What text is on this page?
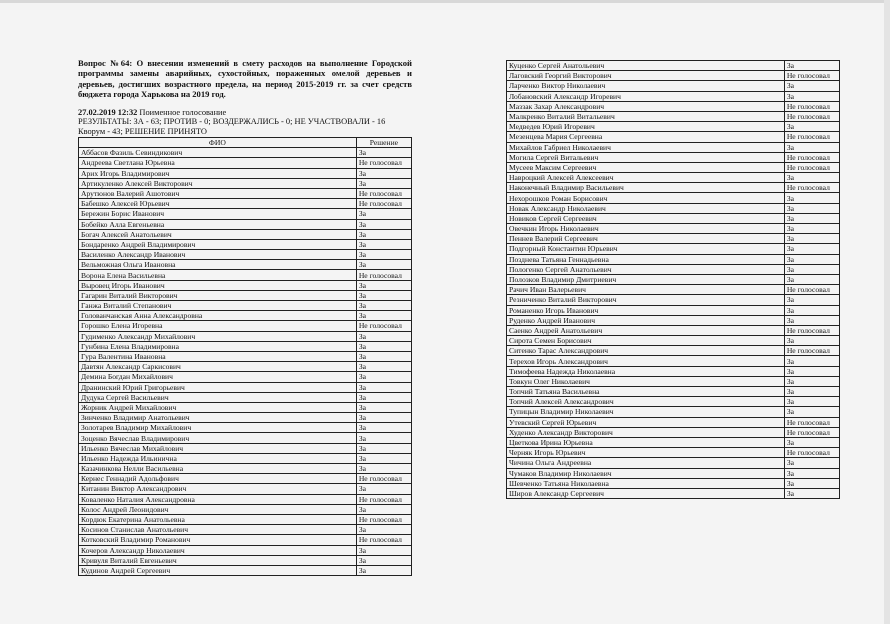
Вопрос №64: О внесении изменений в смету расходов на выполнение Городской программы замены аварийных, сухостойных, пораженных омелой деревьев и деревьев, достигших возрастного предела, на период 2015-2019 гг. за счет средств бюджета города Харькова на 2019 год.
27.02.2019 12:32 Поименное голосование
РЕЗУЛЬТАТЫ: ЗА - 63; ПРОТИВ - 0; ВОЗДЕРЖАЛИСЬ - 0; НЕ УЧАСТВОВАЛИ - 16
Кворум - 43; РЕШЕНИЕ ПРИНЯТО
ФИО	Решение
Аббасов Фазиль Севиндикович	За
Андреева Светлана Юрьевна	Не голосовал
Арих Игорь Владимирович	За
Артикуленко Алексей Викторович	За
Арутюнов Валерий Ашотович	Не голосовал
Бабешко Алексей Юрьевич	Не голосовал
Бережин Борис Иванович	За
Бобейко Алла Евгеньевна	За
Богач Алексей Анатольевич	За
Бондаренко Андрей Владимирович	За
Василенко Александр Иванович	За
Вельможная Ольга Ивановна	За
Ворона Елена Васильевна	Не голосовал
Выровец Игорь Иванович	За
Гагарин Виталий Викторович	За
Ганжа Виталий Степанович	За
Голованчанская Анна Александровна	За
Горошко Елена Игоревна	Не голосовал
Гудименко Александр Михайлович	За
Гунбина Елена Владимировна	За
Гура Валентина Ивановна	За
Давтян Александр Саркисович	За
Демина Богдан Михайлович	За
Дранинский Юрий Григорьевич	За
Дудука Сергей Васильевич	За
Жорник Андрей Михайлович	За
Зинченко Владимир Анатольевич	За
Золотарев Владимир Михайлович	За
Зоценко Вячеслав Владимирович	За
Ильенко Вячеслав Михайлович	За
Ильенко Надежда Ильинична	За
Казачинкова Нелли Васильевна	За
Кернес Геннадий Адольфович	Не голосовал
Китанин Виктор Александрович	За
Коваленко Наталия Александровна	Не голосовал
Колос Андрей Леонидович	За
Кордюк Екатерина Анатольевна	Не голосовал
Косинов Станислав Анатольевич	За
Котковский Владимир Романович	Не голосовал
Кочеров Александр Николаевич	За
Кривуля Виталий Евгеньевич	За
Кудинов Андрей Сергеевич	За
Куценко Сергей Анатольевич	За
Лаговский Георгий Викторович	Не голосовал
Ларченко Виктор Николаевич	За
Лобановский Александр Игоревич	За
Маззак Захар Александрович	Не голосовал
Малкренко Виталий Витальевич	Не голосовал
Медведев Юрий Игоревич	За
Мезенцева Мария Сергеевна	Не голосовал
Михайлов Габриел Николаевич	За
Могила Сергей Витальевич	Не голосовал
Мусеев Максим Сергеевич	Не голосовал
Навроцкий Алексей Алексеевич	За
Наконечный Владимир Васильевич	Не голосовал
Нехорошков Роман Борисович	За
Новак Александр Николаевич	За
Новиков Сергей Сергеевич	За
Овечкин Игорь Николаевич	За
Пеннев Валерий Сергеевич	За
Подгорный Константин Юрьевич	За
Позднева Татьяна Геннадьевна	За
Пологенко Сергей Анатольевич	За
Полозков Владимир Дмитриевич	За
Рачич Иван Валерьевич	Не голосовал
Резниченко Виталий Викторович	За
Романенко Игорь Иванович	За
Руденко Андрей Иванович	За
Саенко Андрей Анатольевич	Не голосовал
Сирота Семен Борисович	За
Ситенко Тарас Александрович	Не голосовал
Терехов Игорь Александрович	За
Тимофеева Надежда Николаевна	За
Товкун Олег Николаевич	За
Топчий Татьяна Васильевна	За
Топчий Алексей Александрович	За
Тупицын Владимир Николаевич	За
Утевский Сергей Юрьевич	Не голосовал
Худенко Александр Викторович	Не голосовал
Цветкова Ирина Юрьевна	За
Черняк Игорь Юрьевич	Не голосовал
Чичина Ольга Андреевна	За
Чумаков Владимир Николаевич	За
Шевченко Татьяна Николаевна	За
Шиpов Александр Сергеевич	За
